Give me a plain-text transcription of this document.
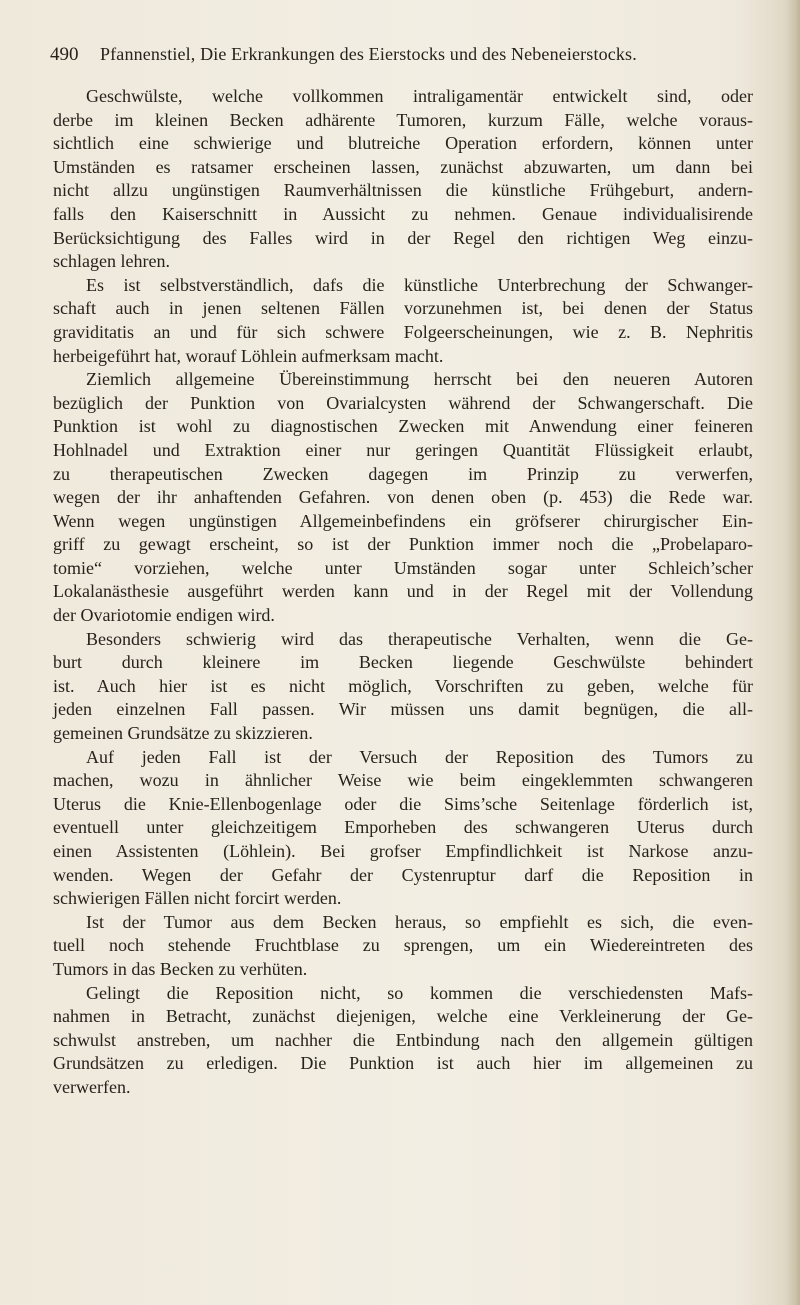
490 Pfannenstiel, Die Erkrankungen des Eierstocks und des Nebeneierstocks.
Geschwülste, welche vollkommen intraligamentär entwickelt sind, oder
derbe im kleinen Becken adhärente Tumoren, kurzum Fälle, welche voraus-
sichtlich eine schwierige und blutreiche Operation erfordern, können unter
Umständen es ratsamer erscheinen lassen, zunächst abzuwarten, um dann bei
nicht allzu ungünstigen Raumverhältnissen die künstliche Frühgeburt, andern-
falls den Kaiserschnitt in Aussicht zu nehmen. Genaue individualisirende
Berücksichtigung des Falles wird in der Regel den richtigen Weg einzu-
schlagen lehren.
Es ist selbstverständlich, dafs die künstliche Unterbrechung der Schwanger-
schaft auch in jenen seltenen Fällen vorzunehmen ist, bei denen der Status
graviditatis an und für sich schwere Folgeerscheinungen, wie z. B. Nephritis
herbeigeführt hat, worauf Löhlein aufmerksam macht.
Ziemlich allgemeine Übereinstimmung herrscht bei den neueren Autoren
bezüglich der Punktion von Ovarialcysten während der Schwangerschaft. Die
Punktion ist wohl zu diagnostischen Zwecken mit Anwendung einer feineren
Hohlnadel und Extraktion einer nur geringen Quantität Flüssigkeit erlaubt,
zu therapeutischen Zwecken dagegen im Prinzip zu verwerfen,
wegen der ihr anhaftenden Gefahren. von denen oben (p. 453) die Rede war.
Wenn wegen ungünstigen Allgemeinbefindens ein gröfserer chirurgischer Ein-
griff zu gewagt erscheint, so ist der Punktion immer noch die „Probelaparo-
tomie“ vorziehen, welche unter Umständen sogar unter Schleich’scher
Lokalanästhesie ausgeführt werden kann und in der Regel mit der Vollendung
der Ovariotomie endigen wird.
Besonders schwierig wird das therapeutische Verhalten, wenn die Ge-
burt durch kleinere im Becken liegende Geschwülste behindert
ist. Auch hier ist es nicht möglich, Vorschriften zu geben, welche für
jeden einzelnen Fall passen. Wir müssen uns damit begnügen, die all-
gemeinen Grundsätze zu skizzieren.
Auf jeden Fall ist der Versuch der Reposition des Tumors zu
machen, wozu in ähnlicher Weise wie beim eingeklemmten schwangeren
Uterus die Knie-Ellenbogenlage oder die Sims’sche Seitenlage förderlich ist,
eventuell unter gleichzeitigem Emporheben des schwangeren Uterus durch
einen Assistenten (Löhlein). Bei grofser Empfindlichkeit ist Narkose anzu-
wenden. Wegen der Gefahr der Cystenruptur darf die Reposition in
schwierigen Fällen nicht forcirt werden.
Ist der Tumor aus dem Becken heraus, so empfiehlt es sich, die even-
tuell noch stehende Fruchtblase zu sprengen, um ein Wiedereintreten des
Tumors in das Becken zu verhüten.
Gelingt die Reposition nicht, so kommen die verschiedensten Mafs-
nahmen in Betracht, zunächst diejenigen, welche eine Verkleinerung der Ge-
schwulst anstreben, um nachher die Entbindung nach den allgemein gültigen
Grundsätzen zu erledigen. Die Punktion ist auch hier im allgemeinen zu
verwerfen.
